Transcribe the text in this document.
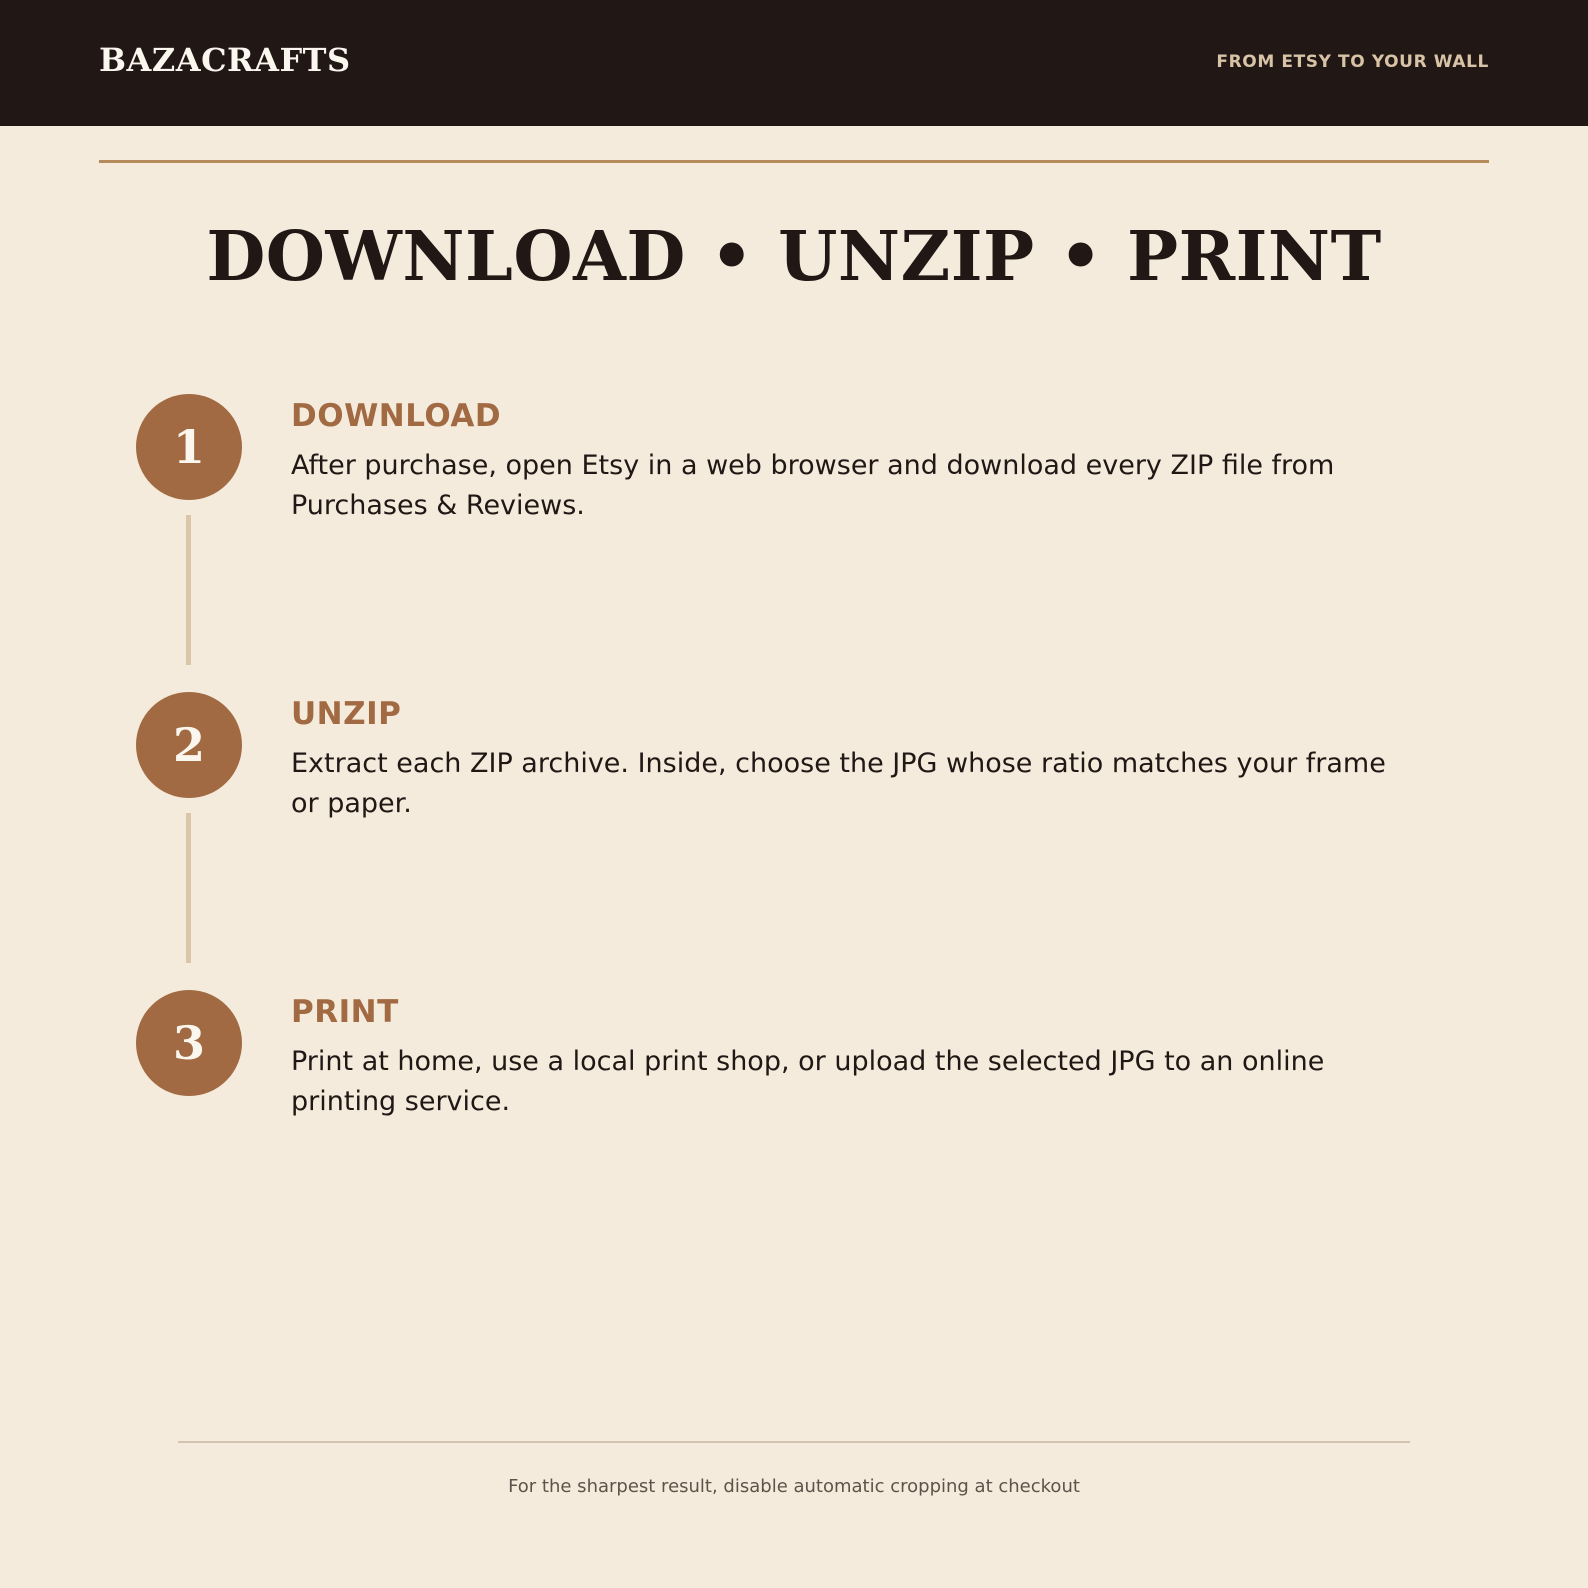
BAZACRAFTS	FROM ETSY TO YOUR WALL
DOWNLOAD • UNZIP • PRINT
1
DOWNLOAD
After purchase, open Etsy in a web browser and download every ZIP file from Purchases & Reviews.
2
UNZIP
Extract each ZIP archive. Inside, choose the JPG whose ratio matches your frame or paper.
3
PRINT
Print at home, use a local print shop, or upload the selected JPG to an online printing service.
For the sharpest result, disable automatic cropping at checkout
